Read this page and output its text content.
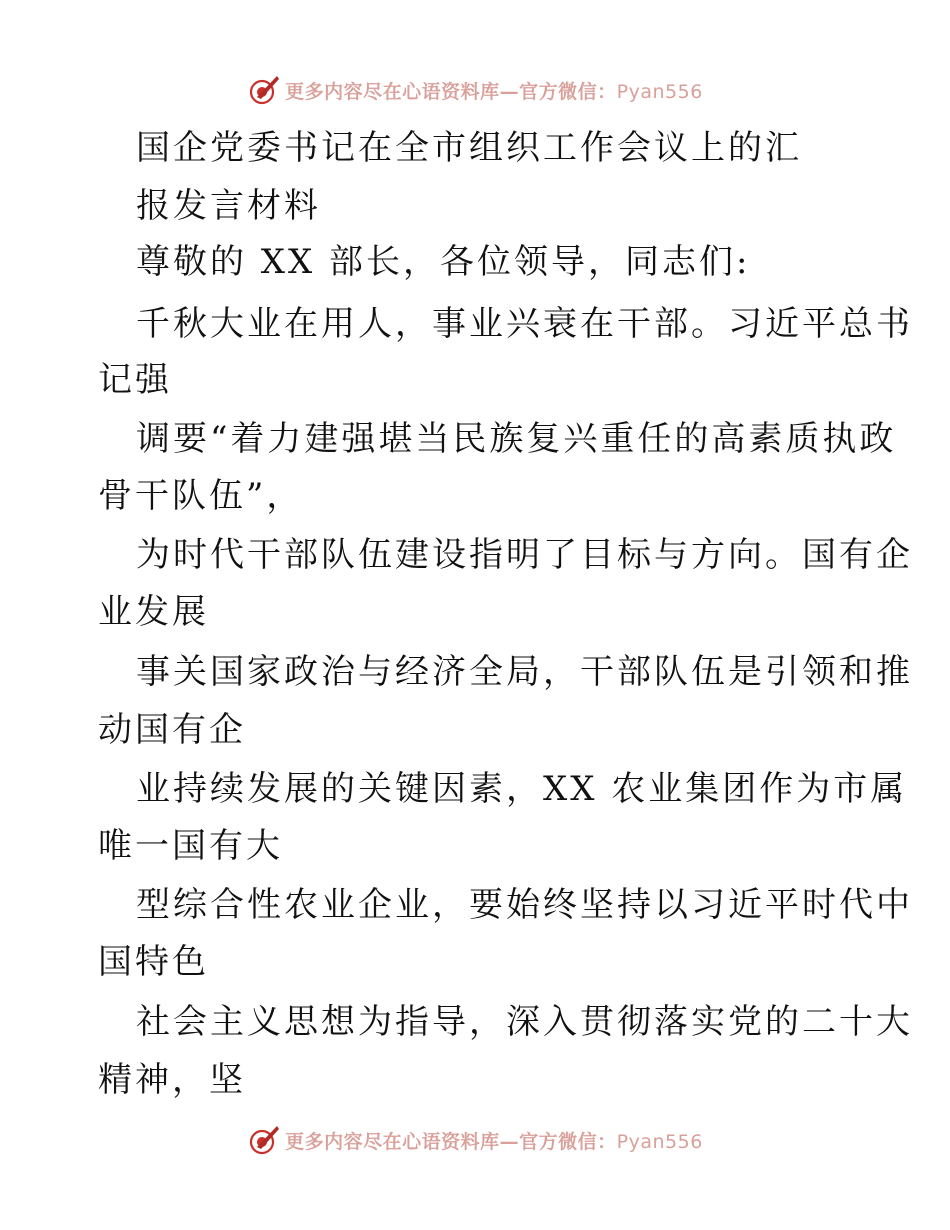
更多内容尽在心语资料库—官方微信：Pyan556
国企党委书记在全市组织工作会议上的汇
报发言材料
尊敬的 XX 部长，各位领导，同志们:
千秋大业在用人，事业兴衰在干部。习近平总书
记强
调要“着力建强堪当民族复兴重任的高素质执政
骨干队伍”，
为时代干部队伍建设指明了目标与方向。国有企
业发展
事关国家政治与经济全局，干部队伍是引领和推
动国有企
业持续发展的关键因素，XX 农业集团作为市属
唯一国有大
型综合性农业企业，要始终坚持以习近平时代中
国特色
社会主义思想为指导，深入贯彻落实党的二十大
精神，坚
更多内容尽在心语资料库—官方微信：Pyan556
